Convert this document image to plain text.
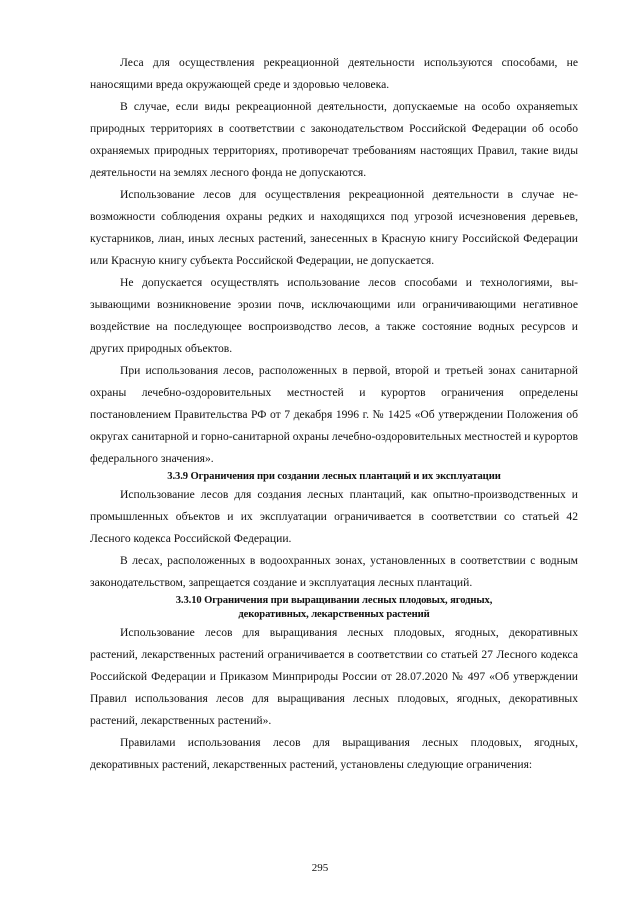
Леса для осуществления рекреационной деятельности используются способами, не наносящими вреда окружающей среде и здоровью человека.

В случае, если виды рекреационной деятельности, допускаемые на особо охраняеmых природных территориях в соответствии с законодательством Российской Федерации об особо охраняемых природных территориях, противоречат требованиям настоящих Правил, такие виды деятельности на землях лесного фонда не допускаются.

Использование лесов для осуществления рекреационной деятельности в случае невозможности соблюдения охраны редких и находящихся под угрозой исчезновения деревьев, кустарников, лиан, иных лесных растений, занесенных в Красную книгу Российской Федерации или Красную книгу субъекта Российской Федерации, не допускается.

Не допускается осуществлять использование лесов способами и технологиями, вызывающими возникновение эрозии почв, исключающими или ограничивающими негативное воздействие на последующее воспроизводство лесов, а также состояние водных ресурсов и других природных объектов.

При использования лесов, расположенных в первой, второй и третьей зонах санитарной охраны лечебно-оздоровительных местностей и курортов ограничения определены постановлением Правительства РФ от 7 декабря 1996 г. № 1425 «Об утверждении Положения об округах санитарной и горно-санитарной охраны лечебно-оздоровительных местностей и курортов федерального значения».

3.3.9 Ограничения при создании лесных плантаций и их эксплуатации

Использование лесов для создания лесных плантаций, как опытно-производственных и промышленных объектов и их эксплуатации ограничивается в соответствии со статьей 42 Лесного кодекса Российской Федерации.

В лесах, расположенных в водоохранных зонах, установленных в соответствии с водным законодательством, запрещается создание и эксплуатация лесных плантаций.

3.3.10 Ограничения при выращивании лесных плодовых, ягодных,
декоративных, лекарственных растений

Использование лесов для выращивания лесных плодовых, ягодных, декоративных растений, лекарственных растений ограничивается в соответствии со статьей 27 Лесного кодекса Российской Федерации и Приказом Минприроды России от 28.07.2020 № 497 «Об утверждении Правил использования лесов для выращивания лесных плодовых, ягодных, декоративных растений, лекарственных растений».

Правилами использования лесов для выращивания лесных плодовых, ягодных, декоративных растений, лекарственных растений, установлены следующие ограничения:

295
